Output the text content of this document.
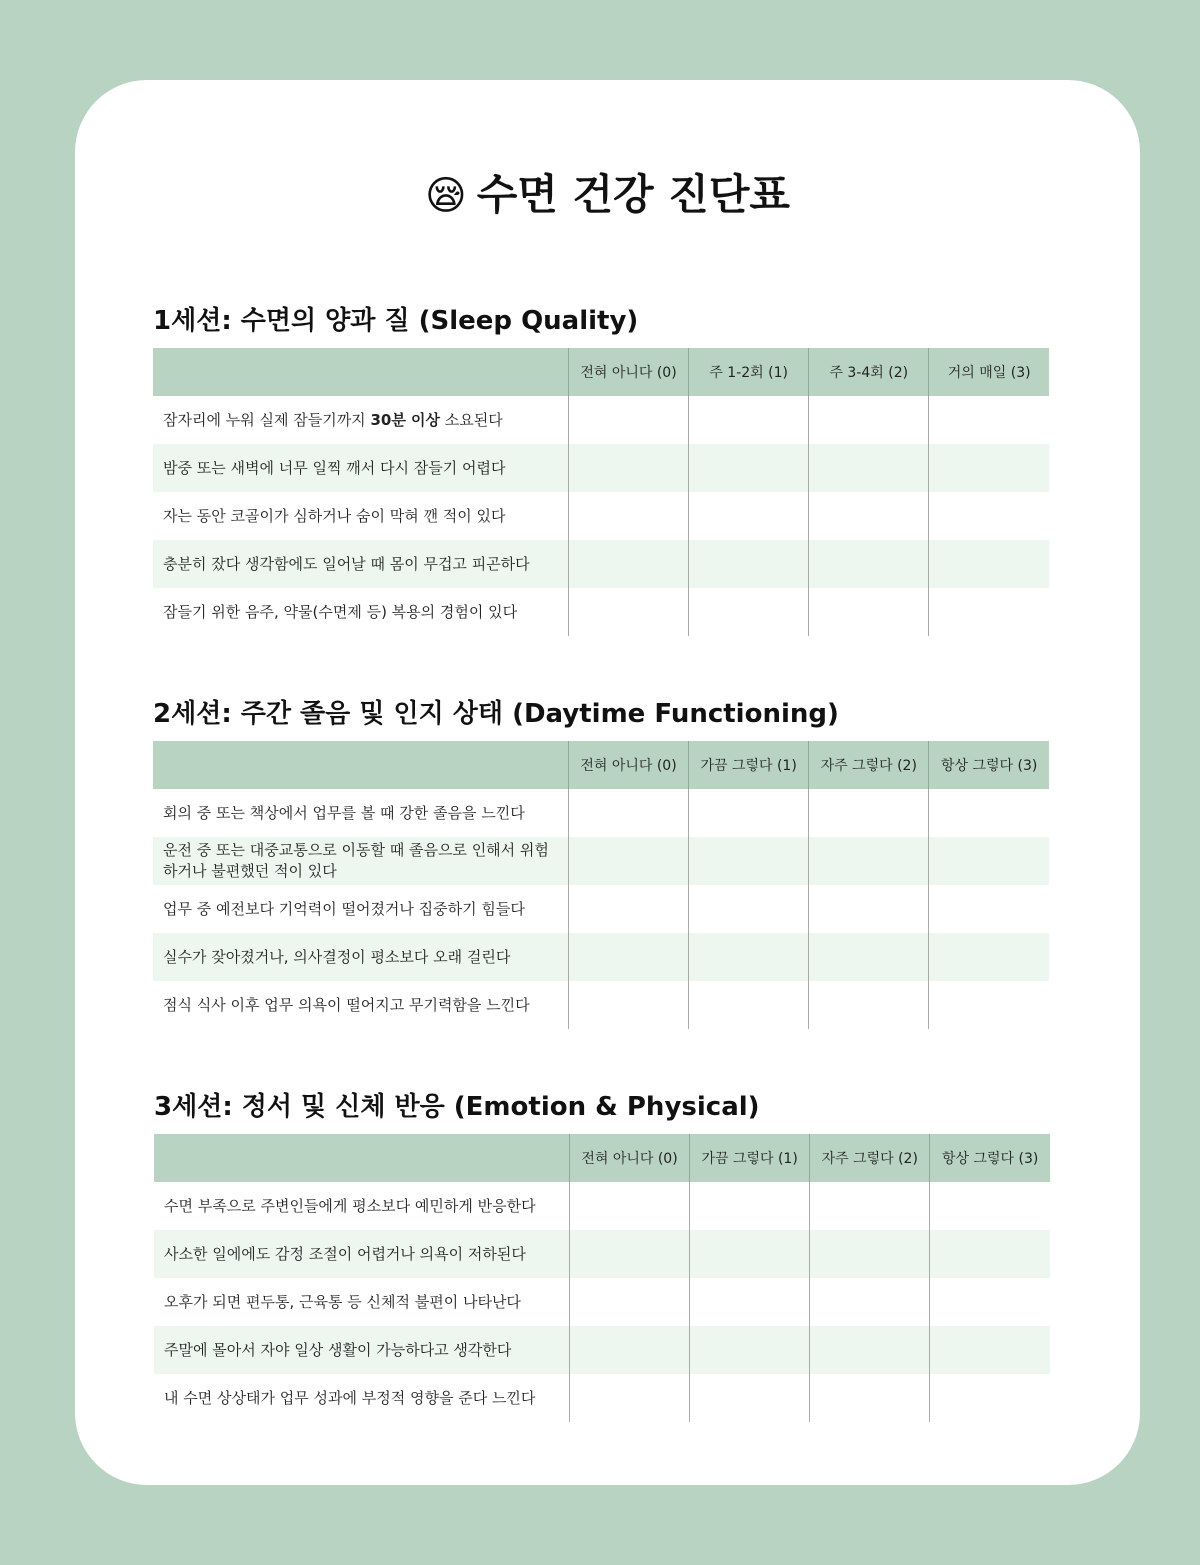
😪 수면 건강 진단표
1세션: 수면의 양과 질 (Sleep Quality)
	전혀 아니다 (0)	주 1-2회 (1)	주 3-4회 (2)	거의 매일 (3)
잠자리에 누워 실제 잠들기까지 30분 이상 소요된다				
밤중 또는 새벽에 너무 일찍 깨서 다시 잠들기 어렵다				
자는 동안 코골이가 심하거나 숨이 막혀 깬 적이 있다				
충분히 잤다 생각함에도 일어날 때 몸이 무겁고 피곤하다				
잠들기 위한 음주, 약물(수면제 등) 복용의 경험이 있다				
2세션: 주간 졸음 및 인지 상태 (Daytime Functioning)
	전혀 아니다 (0)	가끔 그렇다 (1)	자주 그렇다 (2)	항상 그렇다 (3)
회의 중 또는 책상에서 업무를 볼 때 강한 졸음을 느낀다				
운전 중 또는 대중교통으로 이동할 때 졸음으로 인해서 위험하거나 불편했던 적이 있다				
업무 중 예전보다 기억력이 떨어졌거나 집중하기 힘들다				
실수가 잦아졌거나, 의사결정이 평소보다 오래 걸린다				
점식 식사 이후 업무 의욕이 떨어지고 무기력함을 느낀다				
3세션: 정서 및 신체 반응 (Emotion & Physical)
	전혀 아니다 (0)	가끔 그렇다 (1)	자주 그렇다 (2)	항상 그렇다 (3)
수면 부족으로 주변인들에게 평소보다 예민하게 반응한다				
사소한 일에에도 감정 조절이 어렵거나 의욕이 저하된다				
오후가 되면 편두통, 근육통 등 신체적 불편이 나타난다				
주말에 몰아서 자야 일상 생활이 가능하다고 생각한다				
내 수면 상상태가 업무 성과에 부정적 영향을 준다 느낀다				
